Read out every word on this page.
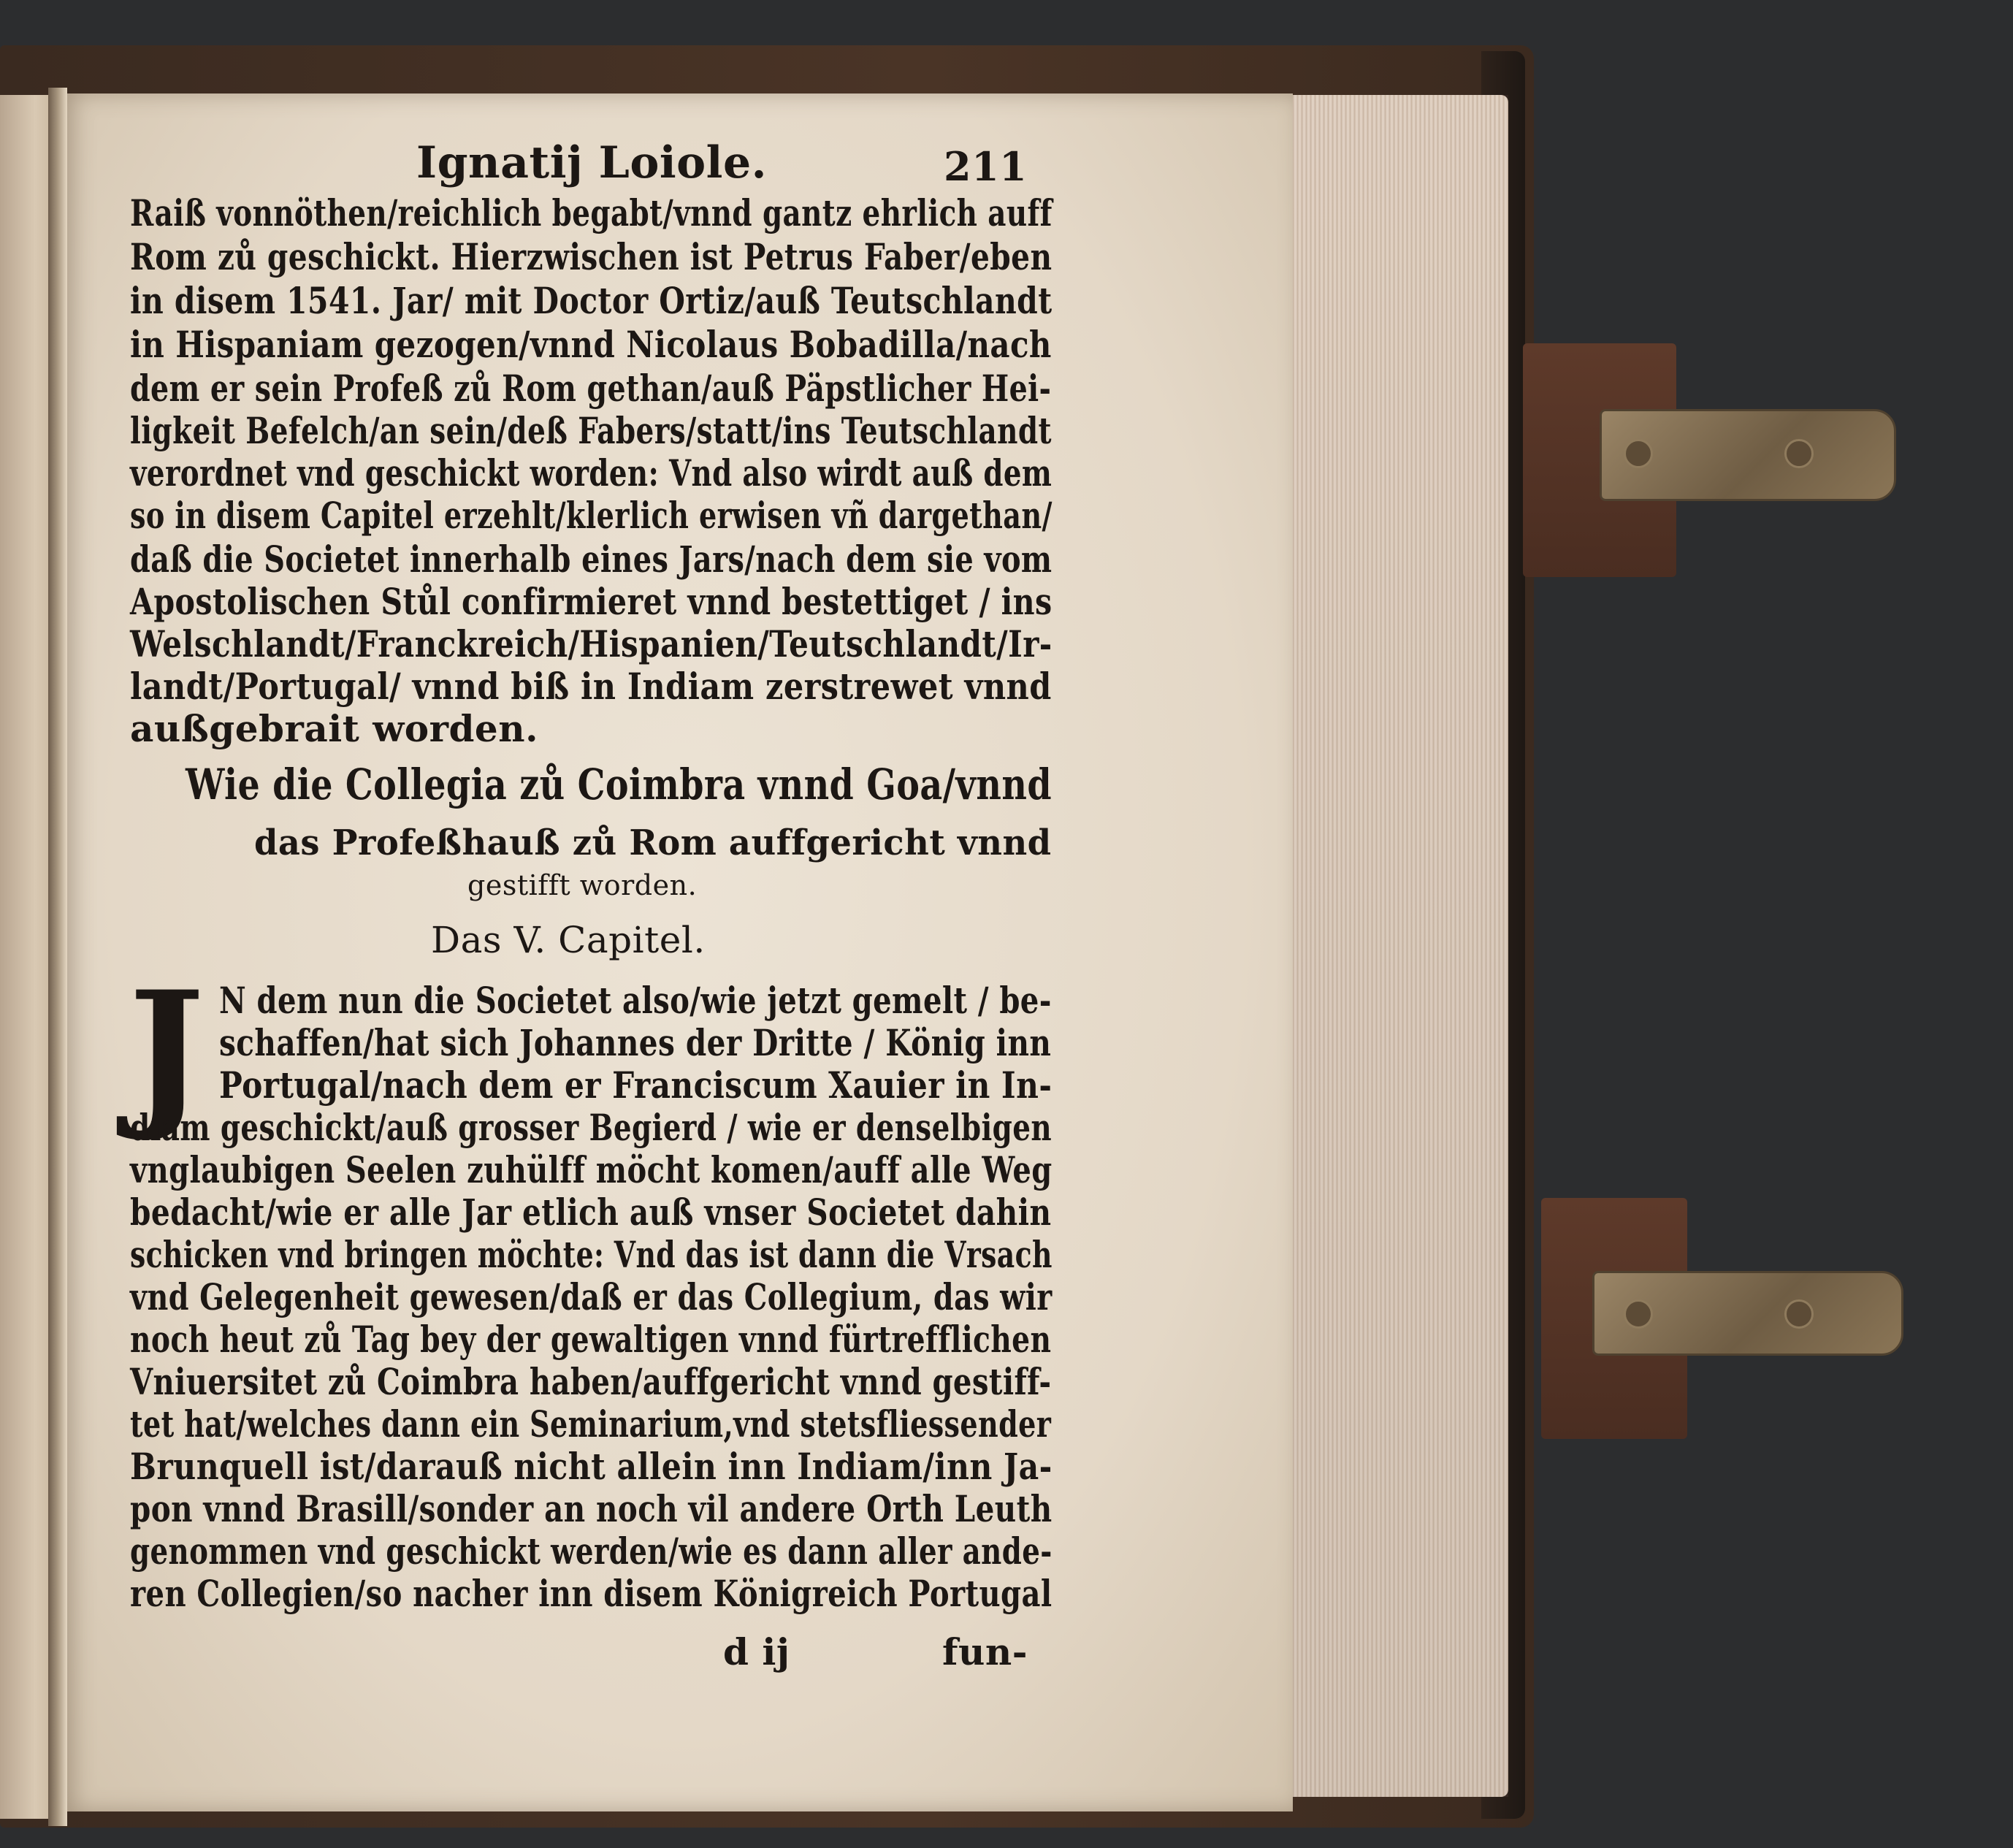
Ignatij Loiole.	211
Raiß vonnöthen/reichlich begabt/vnnd gantz ehrlich auff
Rom zů geschickt. Hierzwischen ist Petrus Faber/eben
in disem 1541. Jar/ mit Doctor Ortiz/auß Teutschlandt
in Hispaniam gezogen/vnnd Nicolaus Bobadilla/nach
dem er sein Profeß zů Rom gethan/auß Päpstlicher Hei-
ligkeit Befelch/an sein/deß Fabers/statt/ins Teutschlandt
verordnet vnd geschickt worden: Vnd also wirdt auß dem
so in disem Capitel erzehlt/klerlich erwisen vñ dargethan/
daß die Societet innerhalb eines Jars/nach dem sie vom
Apostolischen Stůl confirmieret vnnd bestettiget / ins
Welschlandt/Franckreich/Hispanien/Teutschlandt/Ir-
landt/Portugal/ vnnd biß in Indiam zerstrewet vnnd
außgebrait worden.
Wie die Collegia zů Coimbra vnnd Goa/vnnd
das Profeßhauß zů Rom auffgericht vnnd
gestifft worden.
Das V. Capitel.
J N dem nun die Societet also/wie jetzt gemelt / be-
schaffen/hat sich Johannes der Dritte / König inn
Portugal/nach dem er Franciscum Xauier in In-
diam geschickt/auß grosser Begierd / wie er denselbigen
vnglaubigen Seelen zuhülff möcht komen/auff alle Weg
bedacht/wie er alle Jar etlich auß vnser Societet dahin
schicken vnd bringen möchte: Vnd das ist dann die Vrsach
vnd Gelegenheit gewesen/daß er das Collegium, das wir
noch heut zů Tag bey der gewaltigen vnnd fürtrefflichen
Vniuersitet zů Coimbra haben/auffgericht vnnd gestiff-
tet hat/welches dann ein Seminarium,vnd stetsfliessender
Brunquell ist/darauß nicht allein inn Indiam/inn Ja-
pon vnnd Brasill/sonder an noch vil andere Orth Leuth
genommen vnd geschickt werden/wie es dann aller ande-
ren Collegien/so nacher inn disem Königreich Portugal
d ij	fun-
